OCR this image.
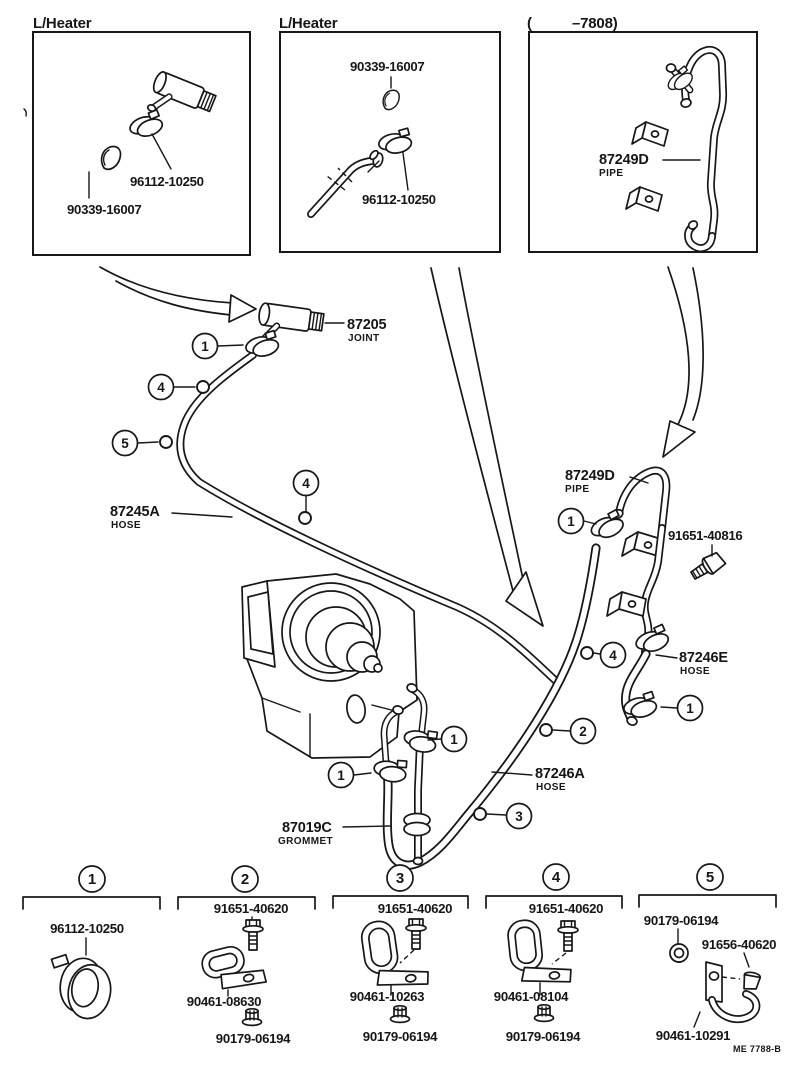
L/Heater
96112-10250
90339-16007
L/Heater
90339-16007
96112-10250
(	–7808)
87249D
PIPE
87205
JOINT
87245A
HOSE
87249D
PIPE
91651-40816
87246E
HOSE
87246A
HOSE
87019C
GROMMET
1
4
5
4
1
4
1
2
3
1
1
1
96112-10250
2
91651-40620
90461-08630
90179-06194
3
91651-40620
90461-10263
90179-06194
4
91651-40620
90461-08104
90179-06194
5
90179-06194
91656-40620
90461-10291
ME 7788-B
